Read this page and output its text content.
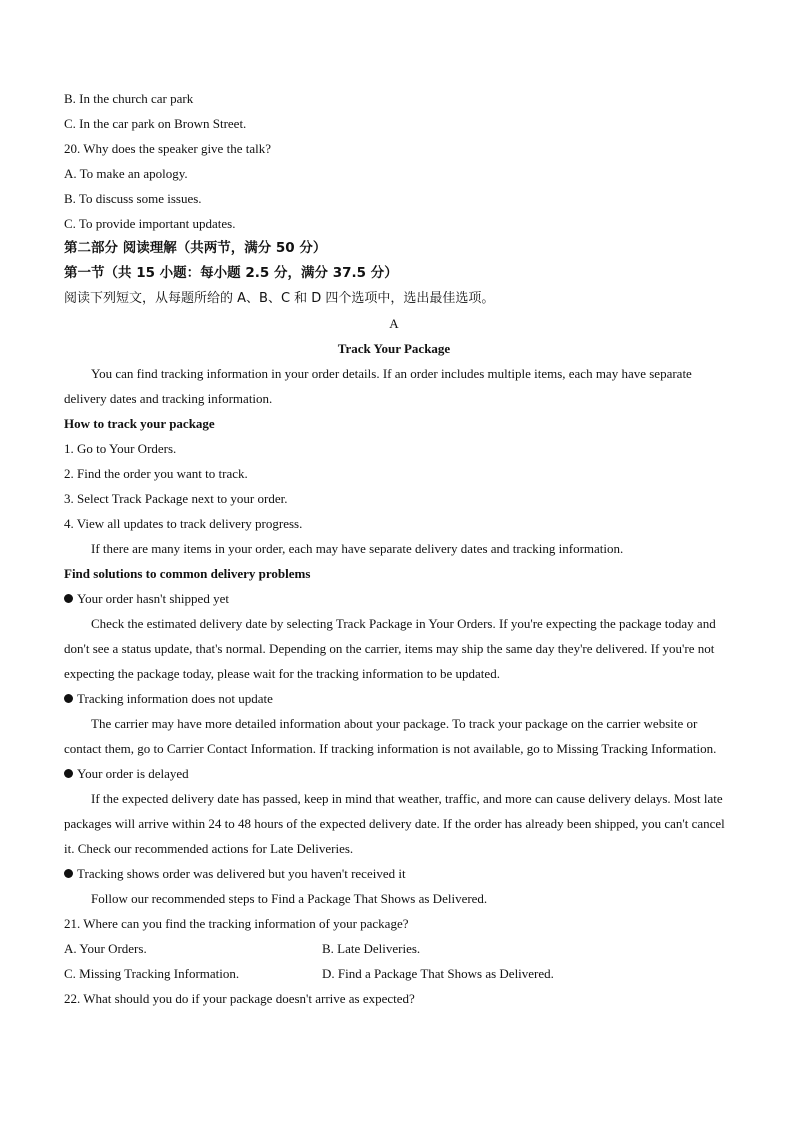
B. In the church car park
C. In the car park on Brown Street.
20. Why does the speaker give the talk?
A. To make an apology.
B. To discuss some issues.
C. To provide important updates.
第二部分 阅读理解（共两节，满分 50 分）
第一节（共 15 小题：每小题 2.5 分，满分 37.5 分）
阅读下列短文，从每题所给的 A、B、C 和 D 四个选项中，选出最佳选项。
A
Track Your Package
You can find tracking information in your order details. If an order includes multiple items, each may have separate delivery dates and tracking information.
How to track your package
1. Go to Your Orders.
2. Find the order you want to track.
3. Select Track Package next to your order.
4. View all updates to track delivery progress.
If there are many items in your order, each may have separate delivery dates and tracking information.
Find solutions to common delivery problems
Your order hasn't shipped yet
Check the estimated delivery date by selecting Track Package in Your Orders. If you're expecting the package today and don't see a status update, that's normal. Depending on the carrier, items may ship the same day they're delivered. If you're not expecting the package today, please wait for the tracking information to be updated.
Tracking information does not update
The carrier may have more detailed information about your package. To track your package on the carrier website or contact them, go to Carrier Contact Information. If tracking information is not available, go to Missing Tracking Information.
Your order is delayed
If the expected delivery date has passed, keep in mind that weather, traffic, and more can cause delivery delays. Most late packages will arrive within 24 to 48 hours of the expected delivery date. If the order has already been shipped, you can't cancel it. Check our recommended actions for Late Deliveries.
Tracking shows order was delivered but you haven't received it
Follow our recommended steps to Find a Package That Shows as Delivered.
21. Where can you find the tracking information of your package?
A. Your Orders.	B. Late Deliveries.
C. Missing Tracking Information.	D. Find a Package That Shows as Delivered.
22. What should you do if your package doesn't arrive as expected?
